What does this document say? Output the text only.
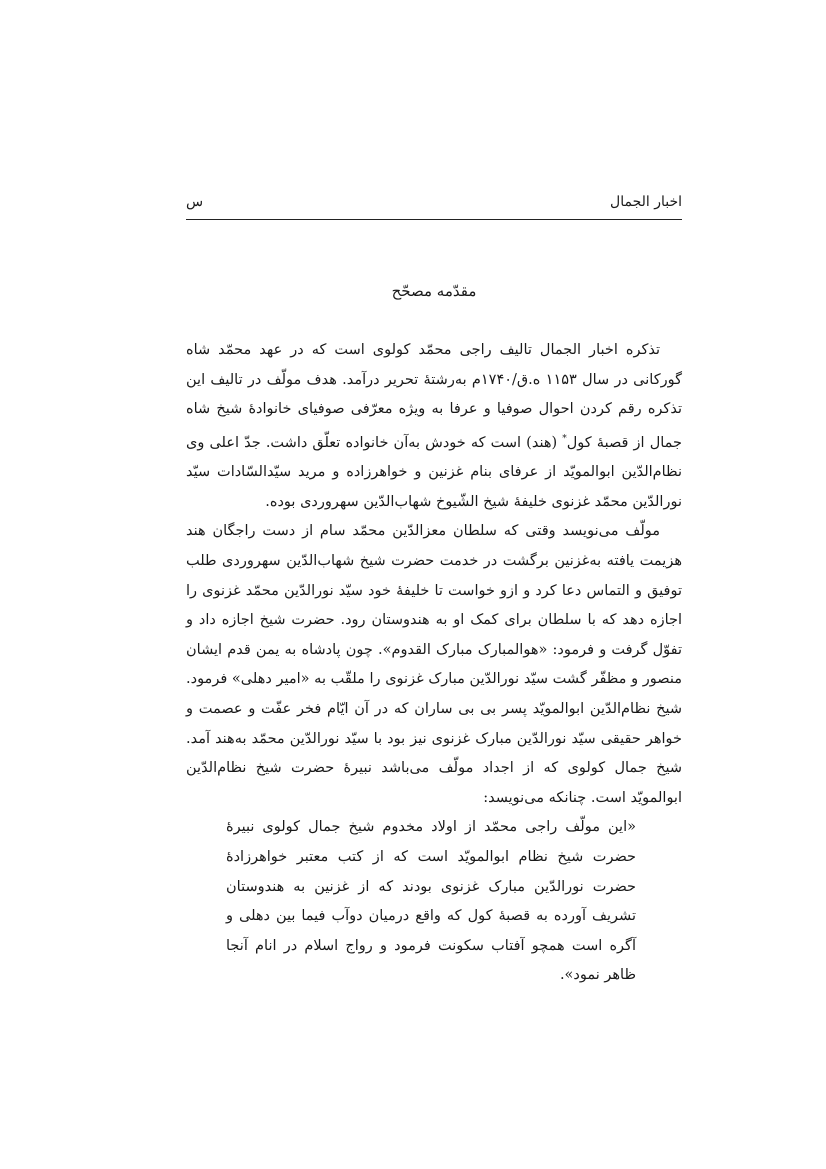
اخبار الجمال
س
مقدّمه مصحّح

تذکره اخبار الجمال تالیف راجی محمّد کولوی است که در عهد محمّد شاه گورکانی در سال ۱۱۵۳ ه.ق/۱۷۴۰م به‌رشتهٔ تحریر درآمد. هدف مولّف در تالیف این تذکره رقم کردن احوال صوفیا و عرفا به ویژه معرّفی صوفیای خانوادهٔ شیخ شاه جمال از قصبهٔ کول* (هند) است که خودش به‌آن خانواده تعلّق داشت. جدّ اعلی وی نظام‌الدّین ابوالمویّد از عرفای بنام غزنین و خواهرزاده و مرید سیّدالسّادات سیّد نورالدّین محمّد غزنوی خلیفهٔ شیخ الشّیوخ شهاب‌الدّین سهروردی بوده.

مولّف می‌نویسد وقتی که سلطان معزالدّین محمّد سام از دست راجگان هند هزیمت یافته به‌غزنین برگشت در خدمت حضرت شیخ شهاب‌الدّین سهروردی طلب توفیق و التماس دعا کرد و ازو خواست تا خلیفهٔ خود سیّد نورالدّین محمّد غزنوی را اجازه دهد که با سلطان برای کمک او به هندوستان رود. حضرت شیخ اجازه داد و تفوّل گرفت و فرمود: «هوالمبارک مبارک القدوم». چون پادشاه به یمن قدم ایشان منصور و مظفّر گشت سیّد نورالدّین مبارک غزنوی را ملقّب به «امیر دهلی» فرمود. شیخ نظام‌الدّین ابوالمویّد پسر بی بی ساران که در آن ایّام فخر عفّت و عصمت و خواهر حقیقی سیّد نورالدّین مبارک غزنوی نیز بود با سیّد نورالدّین محمّد به‌هند آمد. شیخ جمال کولوی که از اجداد مولّف می‌باشد نبیرهٔ حضرت شیخ نظام‌الدّین ابوالمویّد است. چنانکه می‌نویسد:

«این مولّف راجی محمّد از اولاد مخدوم شیخ جمال کولوی نبیرهٔ حضرت شیخ نظام ابوالمویّد است که از کتب معتبر خواهرزادهٔ حضرت نورالدّین مبارک غزنوی بودند که از غزنین به هندوستان تشریف آورده به قصبهٔ کول که واقع درمیان دوآب فیما بین دهلی و آگره است همچو آفتاب سکونت فرمود و رواج اسلام در انام آنجا ظاهر نمود».
